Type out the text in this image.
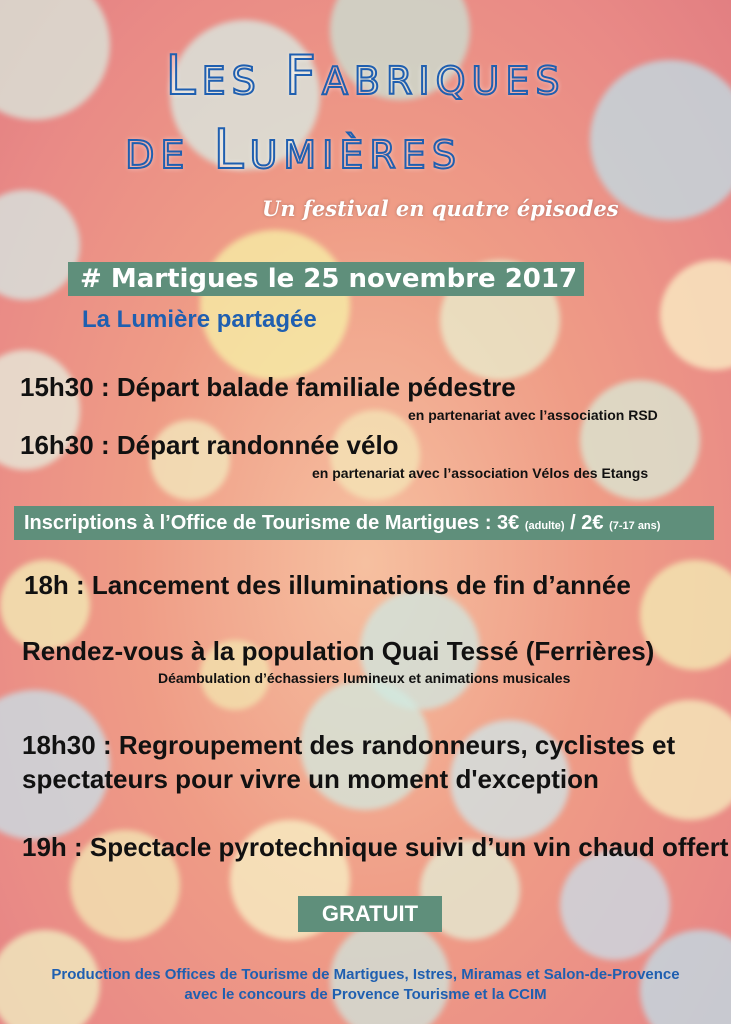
Les Fabriques
de Lumières
Un festival en quatre épisodes
# Martigues le 25 novembre 2017
La Lumière partagée
15h30 : Départ balade familiale pédestre
en partenariat avec l’association RSD
16h30 : Départ randonnée vélo
en partenariat avec l’association Vélos des Etangs
Inscriptions à l’Office de Tourisme de Martigues : 3€ (adulte) / 2€ (7-17 ans)
18h : Lancement des illuminations de fin d’année
Rendez-vous à la population Quai Tessé (Ferrières)
Déambulation d’échassiers lumineux et animations musicales
18h30 : Regroupement des randonneurs, cyclistes et
spectateurs pour vivre un moment d'exception
19h : Spectacle pyrotechnique suivi d’un vin chaud offert
GRATUIT
Production des Offices de Tourisme de Martigues, Istres, Miramas et Salon-de-Provence
avec le concours de Provence Tourisme et la CCIM
